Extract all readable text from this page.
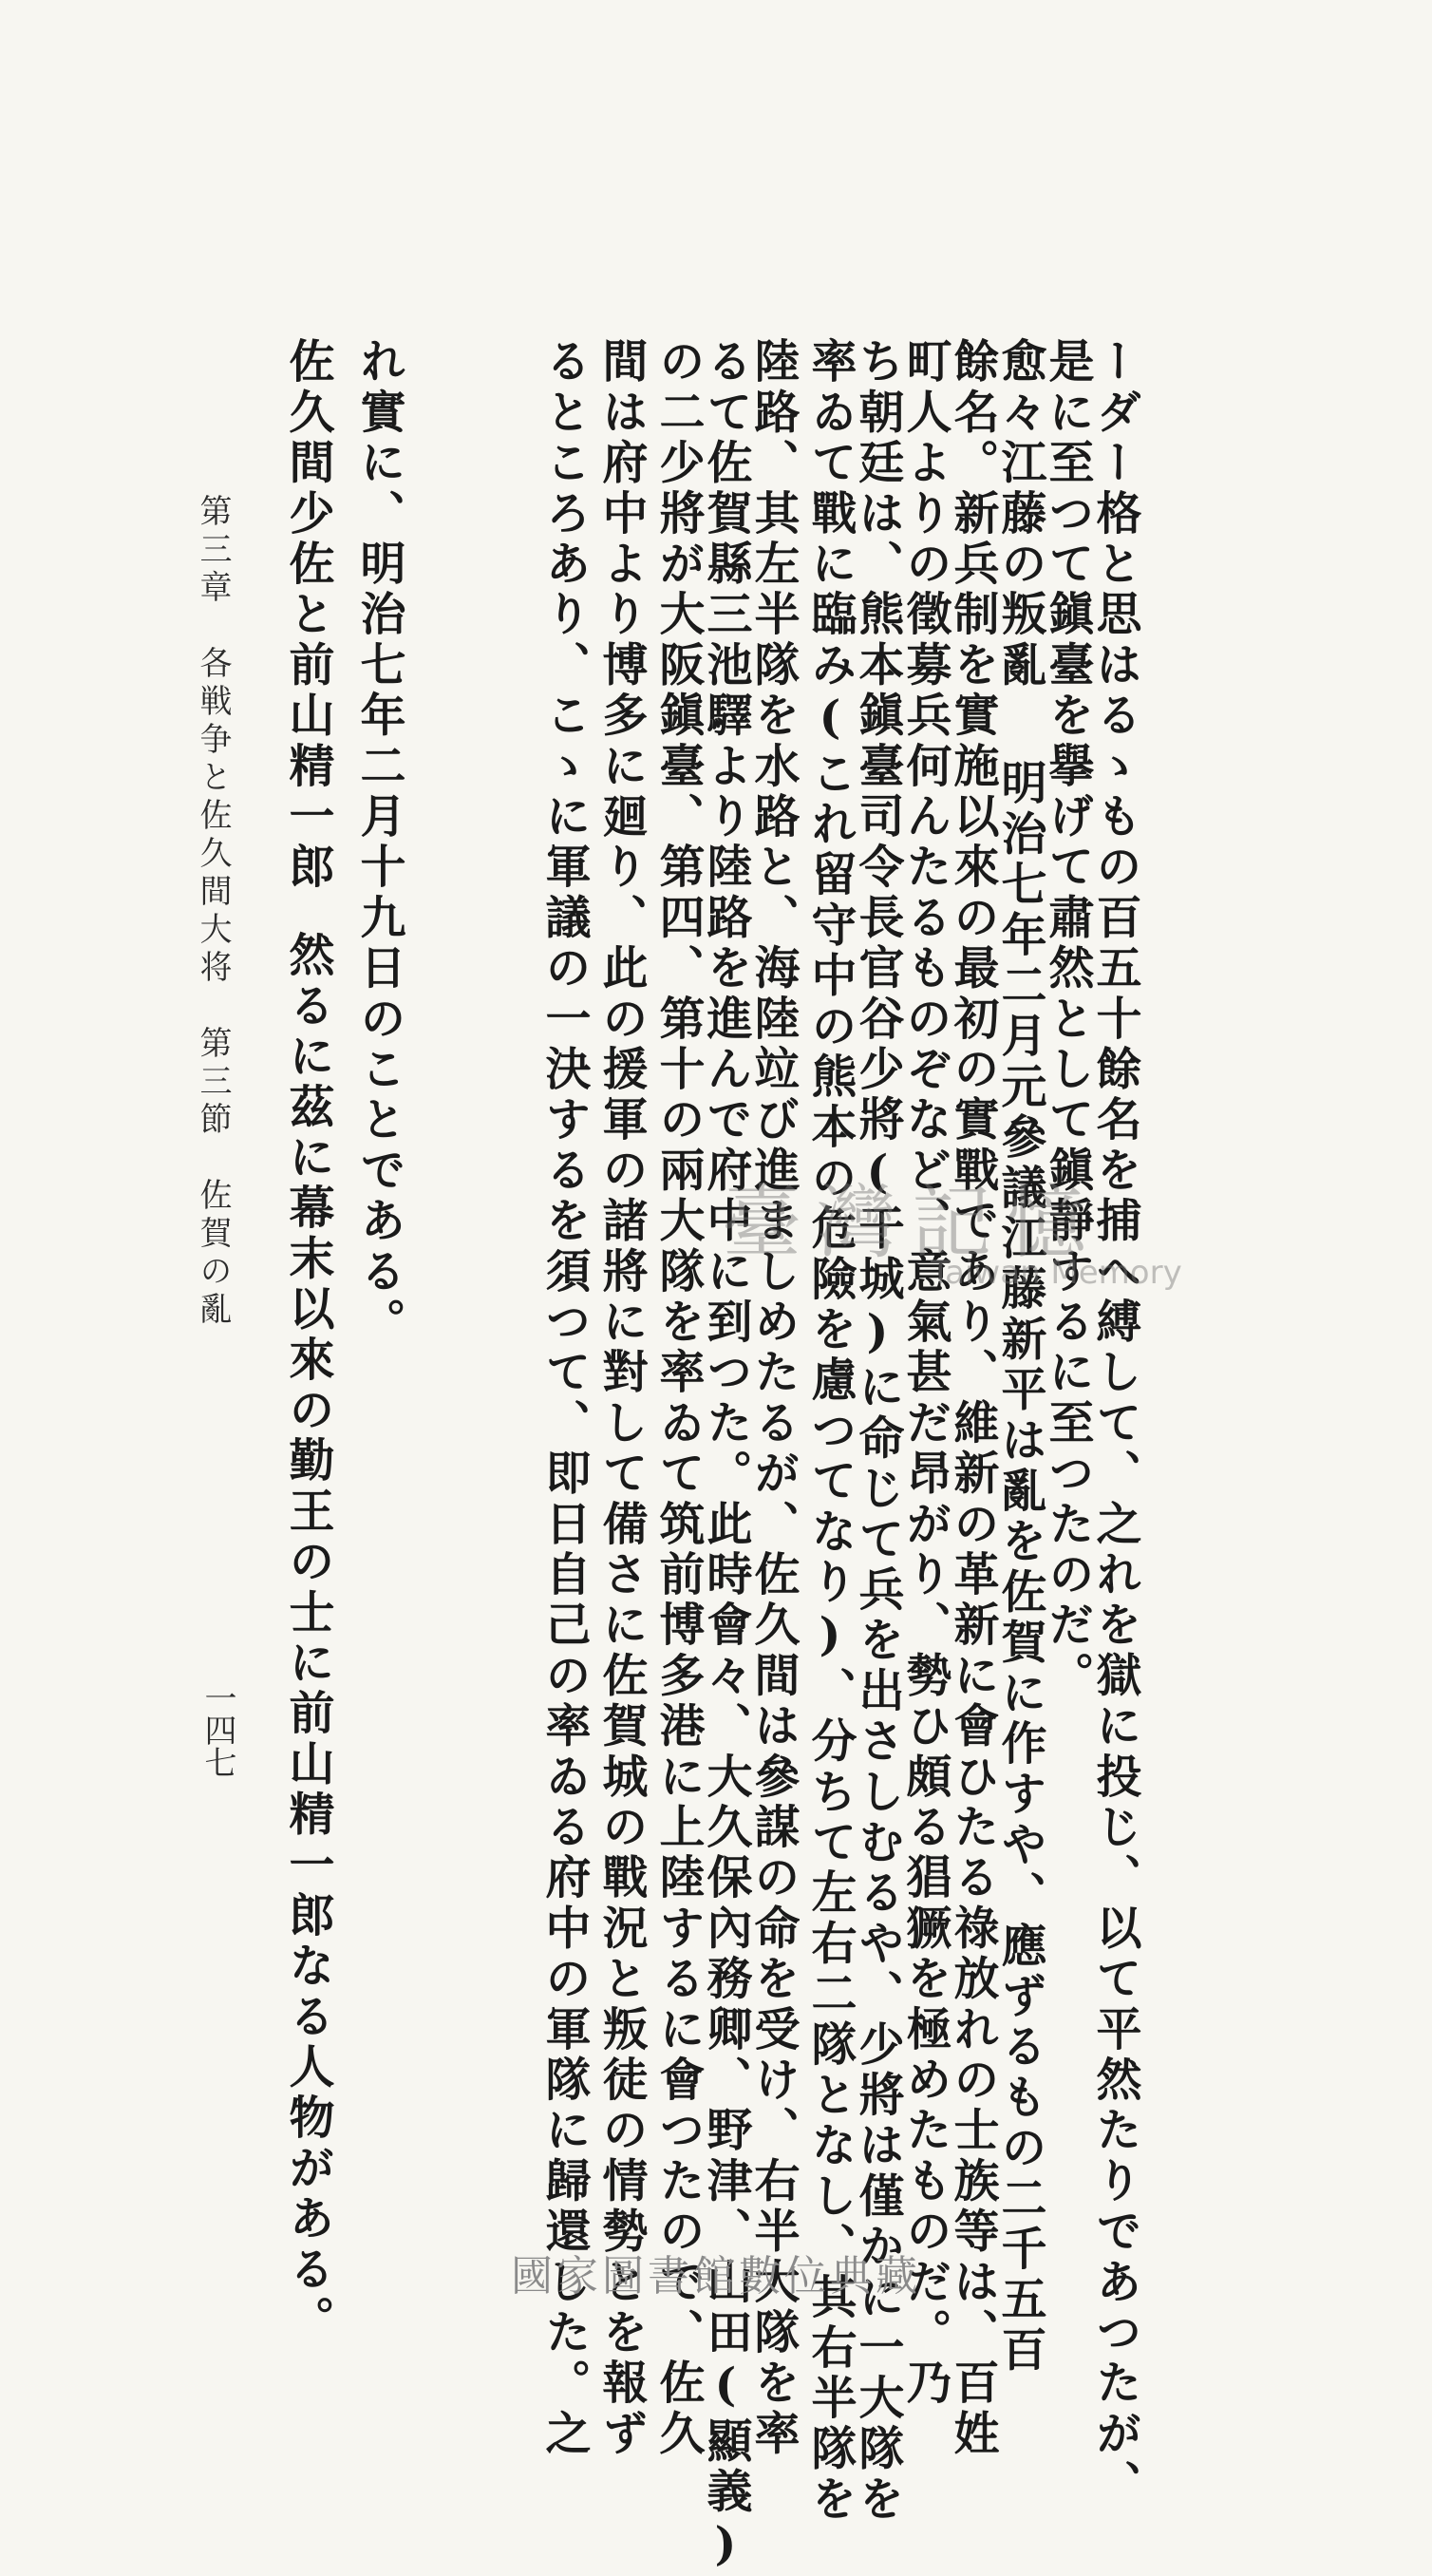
ーダー格と思はるゝもの百五十餘名を捕へ縛して、之れを獄に投じ、以て平然たりであつたが、
是に至つて鎭臺を擧げて肅然として鎭靜するに至つたのだ。
愈々江藤の叛亂明治七年二月元參議江藤新平は亂を佐賀に作すや、應ずるもの二千五百
餘名。新兵制を實施以來の最初の實戰であり、維新の革新に會ひたる祿放れの士族等は、百姓
町人よりの徵募兵何んたるものぞなど、意氣甚だ昂がり、勢ひ頗る猖獗を極めたものだ。乃
ち朝廷は、熊本鎭臺司令長官谷少將(干城)に命じて兵を出さしむるや、少將は僅かに一大隊を
率ゐて戰に臨み(これ留守中の熊本の危險を慮つてなり)、分ちて左右二隊となし、其右半隊を
陸路、其左半隊を水路と、海陸竝び進ましめたるが、佐久間は參謀の命を受け、右半大隊を率
るて佐賀縣三池驛より陸路を進んで府中に到つた。此時會々、大久保內務卿、野津、山田(顯義)
の二少將が大阪鎭臺、第四、第十の兩大隊を率ゐて筑前博多港に上陸するに會つたので、佐久
間は府中より博多に廻り、此の援軍の諸將に對して備さに佐賀城の戰況と叛徒の情勢とを報ず
るところあり、こゝに軍議の一決するを須つて、即日自己の率ゐる府中の軍隊に歸還した。之
れ實に、明治七年二月十九日のことである。
佐久間少佐と前山精一郎然るに茲に幕末以來の勤王の士に前山精一郎なる人物がある。
第三章　各戦争と佐久間大将　第三節　佐賀の亂
一四七
臺灣記憶
Taiwan Memory
國家圖書館數位典藏
